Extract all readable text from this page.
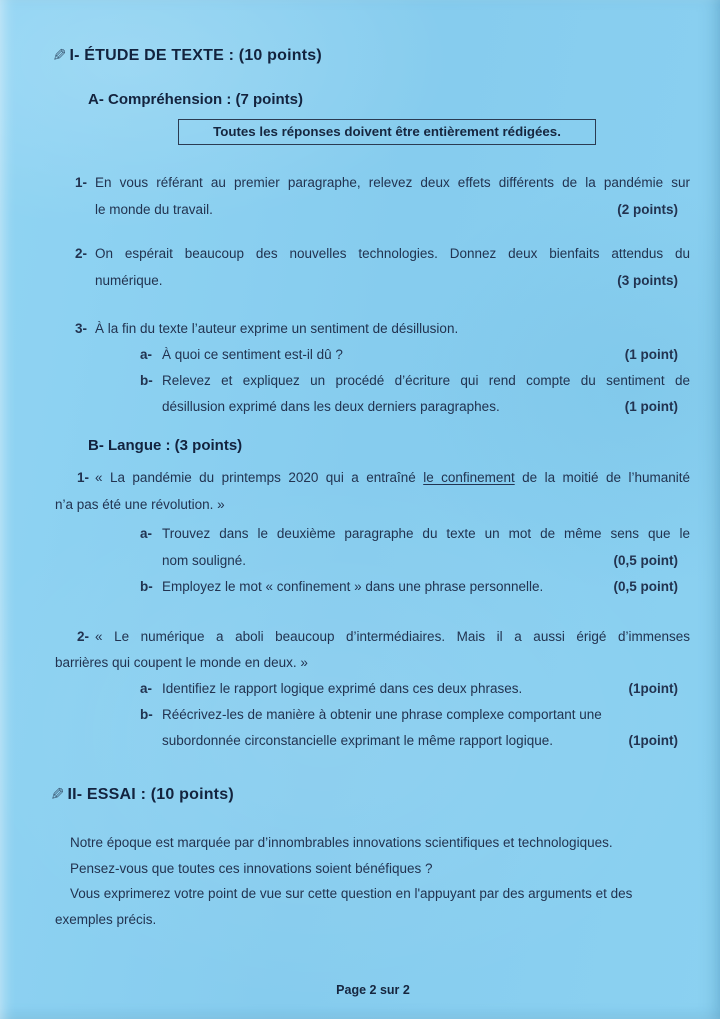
✎ I- ÉTUDE DE TEXTE : (10 points)
A- Compréhension : (7 points)
Toutes les réponses doivent être entièrement rédigées.
1- En vous référant au premier paragraphe, relevez deux effets différents de la pandémie sur
le monde du travail.	(2 points)
2- On espérait beaucoup des nouvelles technologies. Donnez deux bienfaits attendus du
numérique.	(3 points)
3- À la fin du texte l’auteur exprime un sentiment de désillusion.
a- À quoi ce sentiment est-il dû ?	(1 point)
b- Relevez et expliquez un procédé d’écriture qui rend compte du sentiment de
désillusion exprimé dans les deux derniers paragraphes.	(1 point)
B- Langue : (3 points)
1- « La pandémie du printemps 2020 qui a entraîné le confinement de la moitié de l’humanité
n’a pas été une révolution. »
a- Trouvez dans le deuxième paragraphe du texte un mot de même sens que le
nom souligné.	(0,5 point)
b- Employez le mot « confinement » dans une phrase personnelle.	(0,5 point)
2- « Le numérique a aboli beaucoup d’intermédiaires. Mais il a aussi érigé d’immenses
barrières qui coupent le monde en deux. »
a- Identifiez le rapport logique exprimé dans ces deux phrases.	(1point)
b- Réécrivez-les de manière à obtenir une phrase complexe comportant une
subordonnée circonstancielle exprimant le même rapport logique.	(1point)
✎ II- ESSAI : (10 points)
Notre époque est marquée par d’innombrables innovations scientifiques et technologiques.
Pensez-vous que toutes ces innovations soient bénéfiques ?
Vous exprimerez votre point de vue sur cette question en l'appuyant par des arguments et des
exemples précis.
Page 2 sur 2
